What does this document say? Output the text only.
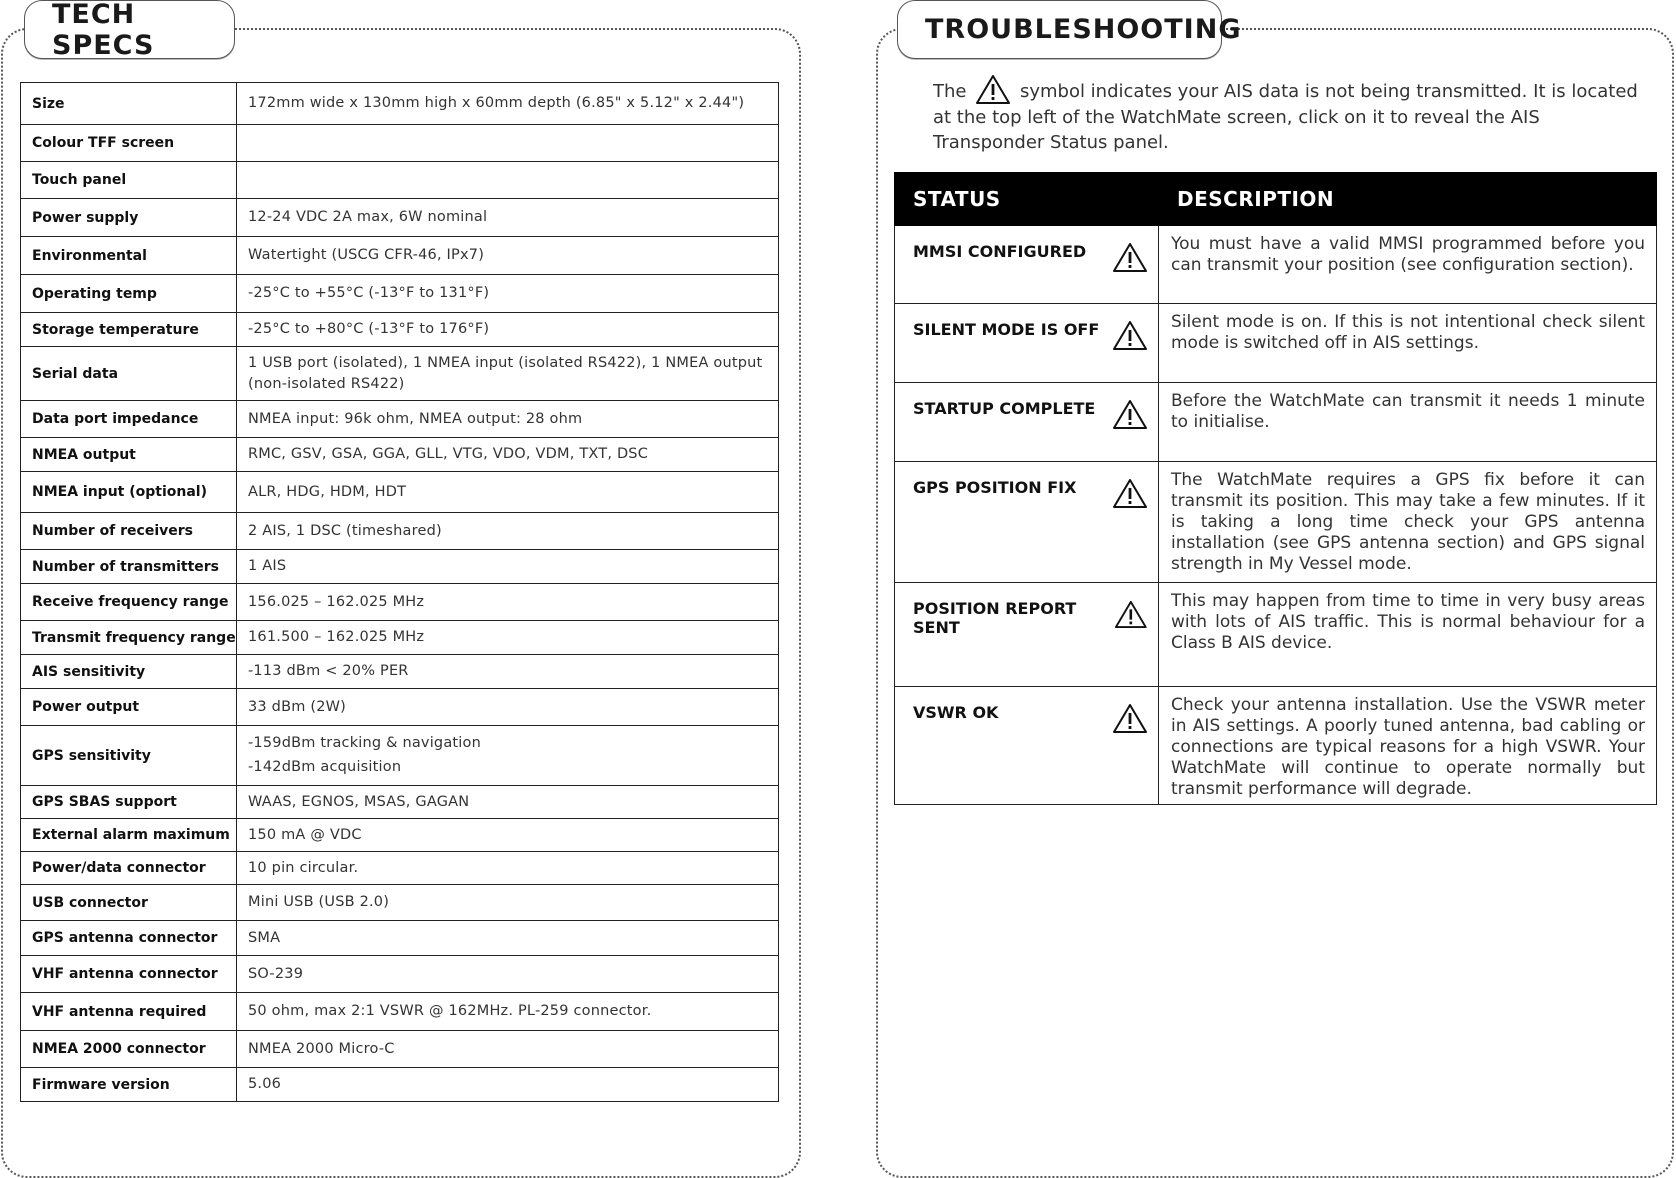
TECH SPECS	TROUBLESHOOTING
Size	172mm wide x 130mm high x 60mm depth (6.85" x 5.12" x 2.44")
Colour TFF screen	
Touch panel	
Power supply	12-24 VDC 2A max, 6W nominal
Environmental	Watertight (USCG CFR-46, IPx7)
Operating temp	-25°C to +55°C (-13°F to 131°F)
Storage temperature	-25°C to +80°C (-13°F to 176°F)
Serial data	1 USB port (isolated), 1 NMEA input (isolated RS422), 1 NMEA output (non-isolated RS422)
Data port impedance	NMEA input: 96k ohm, NMEA output: 28 ohm
NMEA output	RMC, GSV, GSA, GGA, GLL, VTG, VDO, VDM, TXT, DSC
NMEA input (optional)	ALR, HDG, HDM, HDT
Number of receivers	2 AIS, 1 DSC (timeshared)
Number of transmitters	1 AIS
Receive frequency range	156.025 – 162.025 MHz
Transmit frequency range	161.500 – 162.025 MHz
AIS sensitivity	-113 dBm < 20% PER
Power output	33 dBm (2W)
GPS sensitivity	-159dBm tracking & navigation
-142dBm acquisition

GPS SBAS support	WAAS, EGNOS, MSAS, GAGAN
External alarm maximum	150 mA @ VDC
Power/data connector	10 pin circular.
USB connector	Mini USB (USB 2.0)
GPS antenna connector	SMA
VHF antenna connector	SO-239
VHF antenna required	50 ohm, max 2:1 VSWR @ 162MHz. PL-259 connector.
NMEA 2000 connector	NMEA 2000 Micro-C
Firmware version	5.06
The	symbol indicates your AIS data is not being transmitted. It is located at the top left of the WatchMate screen, click on it to reveal the AIS Transponder Status panel.
STATUS	DESCRIPTION

MMSI CONFIGURED	You must have a valid MMSI programmed before you can transmit your position (see configuration section).

SILENT MODE IS OFF	Silent mode is on. If this is not intentional check silent mode is switched off in AIS settings.

STARTUP COMPLETE	Before the WatchMate can transmit it needs 1 minute to initialise.

GPS POSITION FIX	The WatchMate requires a GPS fix before it can transmit its position. This may take a few minutes. If it is taking a long time check your GPS antenna installation (see GPS antenna section) and GPS signal strength in My Vessel mode.

POSITION REPORT SENT	This may happen from time to time in very busy areas with lots of AIS traffic. This is normal behaviour for a Class B AIS device.

VSWR OK	Check your antenna installation. Use the VSWR meter in AIS settings. A poorly tuned antenna, bad cabling or connections are typical reasons for a high VSWR. Your WatchMate will continue to operate normally but transmit performance will degrade.
